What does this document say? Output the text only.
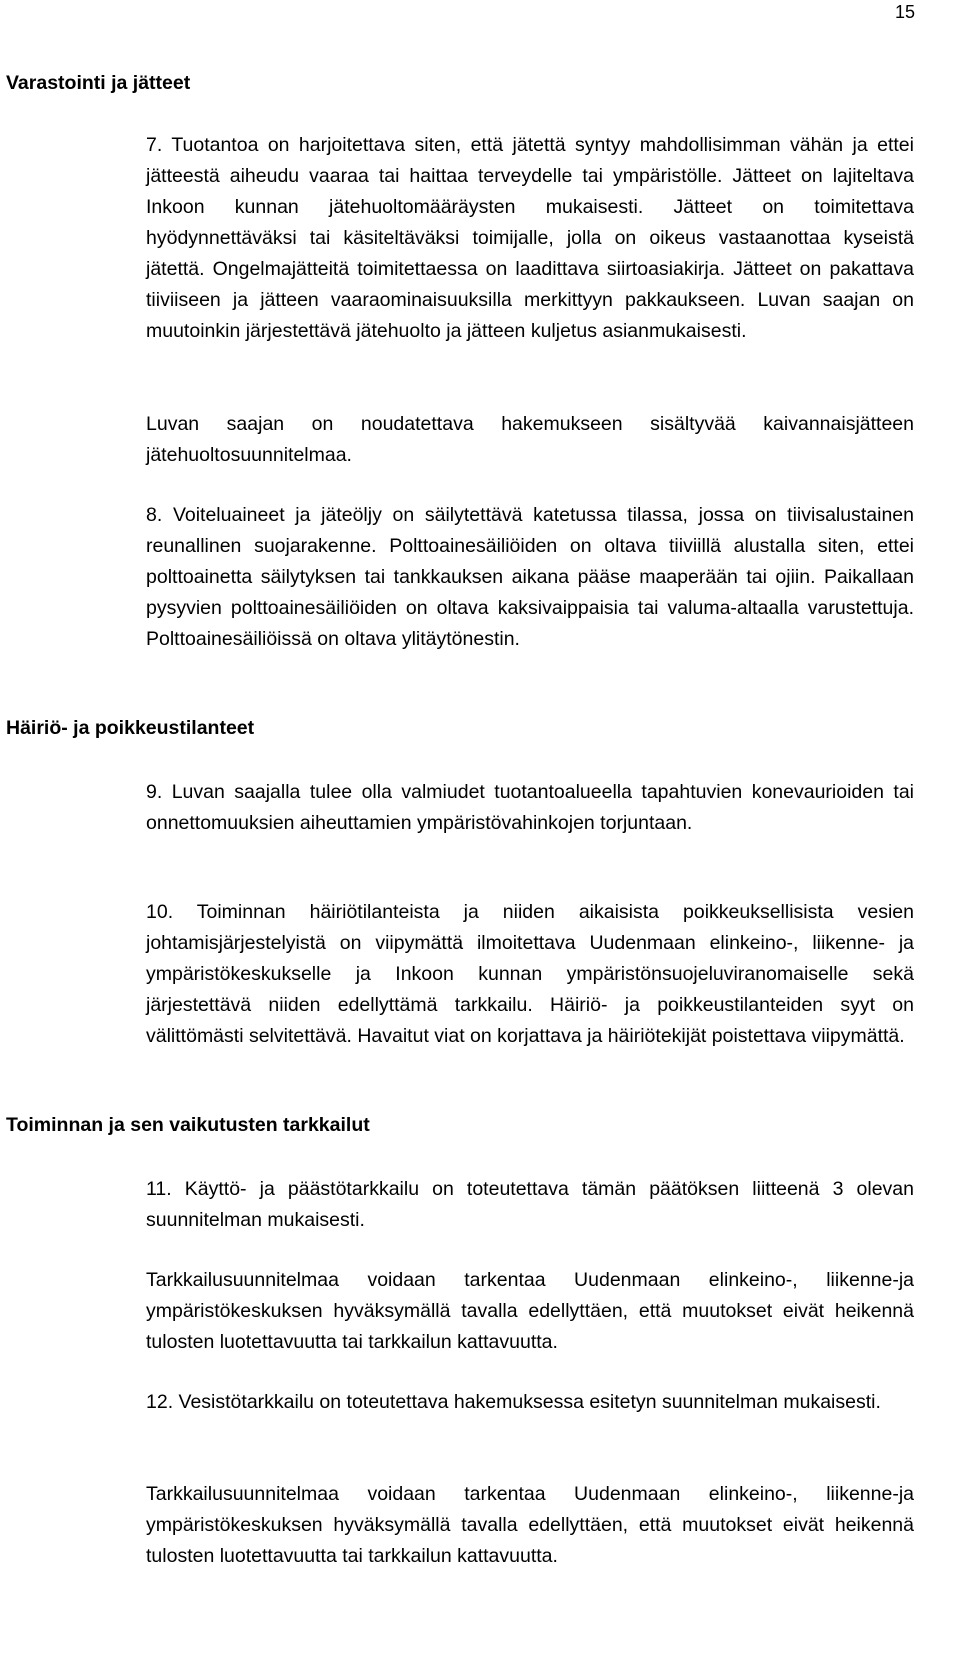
15
Varastointi ja jätteet

7. Tuotantoa on harjoitettava siten, että jätettä syntyy mahdollisimman vähän ja ettei jätteestä aiheudu vaaraa tai haittaa terveydelle tai ympäristölle. Jätteet on lajiteltava Inkoon kunnan jätehuoltomääräysten mukaisesti. Jätteet on toimitettava hyödynnettäväksi tai käsiteltäväksi toimijalle, jolla on oikeus vastaanottaa kyseistä jätettä. Ongelmajätteitä toimitettaessa on laadittava siirtoasiakirja. Jätteet on pakattava tiiviiseen ja jätteen vaaraominaisuuksilla merkittyyn pakkaukseen. Luvan saajan on muutoinkin järjestettävä jätehuolto ja jätteen kuljetus asianmukaisesti.

Luvan saajan on noudatettava hakemukseen sisältyvää kaivannaisjätteen jätehuoltosuunnitelmaa.

8. Voiteluaineet ja jäteöljy on säilytettävä katetussa tilassa, jossa on tiivisalustainen reunallinen suojarakenne. Polttoainesäiliöiden on oltava tiiviillä alustalla siten, ettei polttoainetta säilytyksen tai tankkauksen aikana pääse maaperään tai ojiin. Paikallaan pysyvien polttoainesäiliöiden on oltava kaksivaippaisia tai valuma-altaalla varustettuja. Polttoainesäiliöissä on oltava ylitäytönestin.

Häiriö- ja poikkeustilanteet

9. Luvan saajalla tulee olla valmiudet tuotantoalueella tapahtuvien konevaurioiden tai onnettomuuksien aiheuttamien ympäristövahinkojen torjuntaan.

10. Toiminnan häiriötilanteista ja niiden aikaisista poikkeuksellisista vesien johtamisjärjestelyistä on viipymättä ilmoitettava Uudenmaan elinkeino-, liikenne- ja ympäristökeskukselle ja Inkoon kunnan ympäristönsuojeluviranomaiselle sekä järjestettävä niiden edellyttämä tarkkailu. Häiriö- ja poikkeustilanteiden syyt on välittömästi selvitettävä. Havaitut viat on korjattava ja häiriötekijät poistettava viipymättä.

Toiminnan ja sen vaikutusten tarkkailut

11. Käyttö- ja päästötarkkailu on toteutettava tämän päätöksen liitteenä 3 olevan suunnitelman mukaisesti.

Tarkkailusuunnitelmaa voidaan tarkentaa Uudenmaan elinkeino-, liikenne-ja ympäristökeskuksen hyväksymällä tavalla edellyttäen, että muutokset eivät heikennä tulosten luotettavuutta tai tarkkailun kattavuutta.

12. Vesistötarkkailu on toteutettava hakemuksessa esitetyn suunnitelman mukaisesti.

Tarkkailusuunnitelmaa voidaan tarkentaa Uudenmaan elinkeino-, liikenne-ja ympäristökeskuksen hyväksymällä tavalla edellyttäen, että muutokset eivät heikennä tulosten luotettavuutta tai tarkkailun kattavuutta.
